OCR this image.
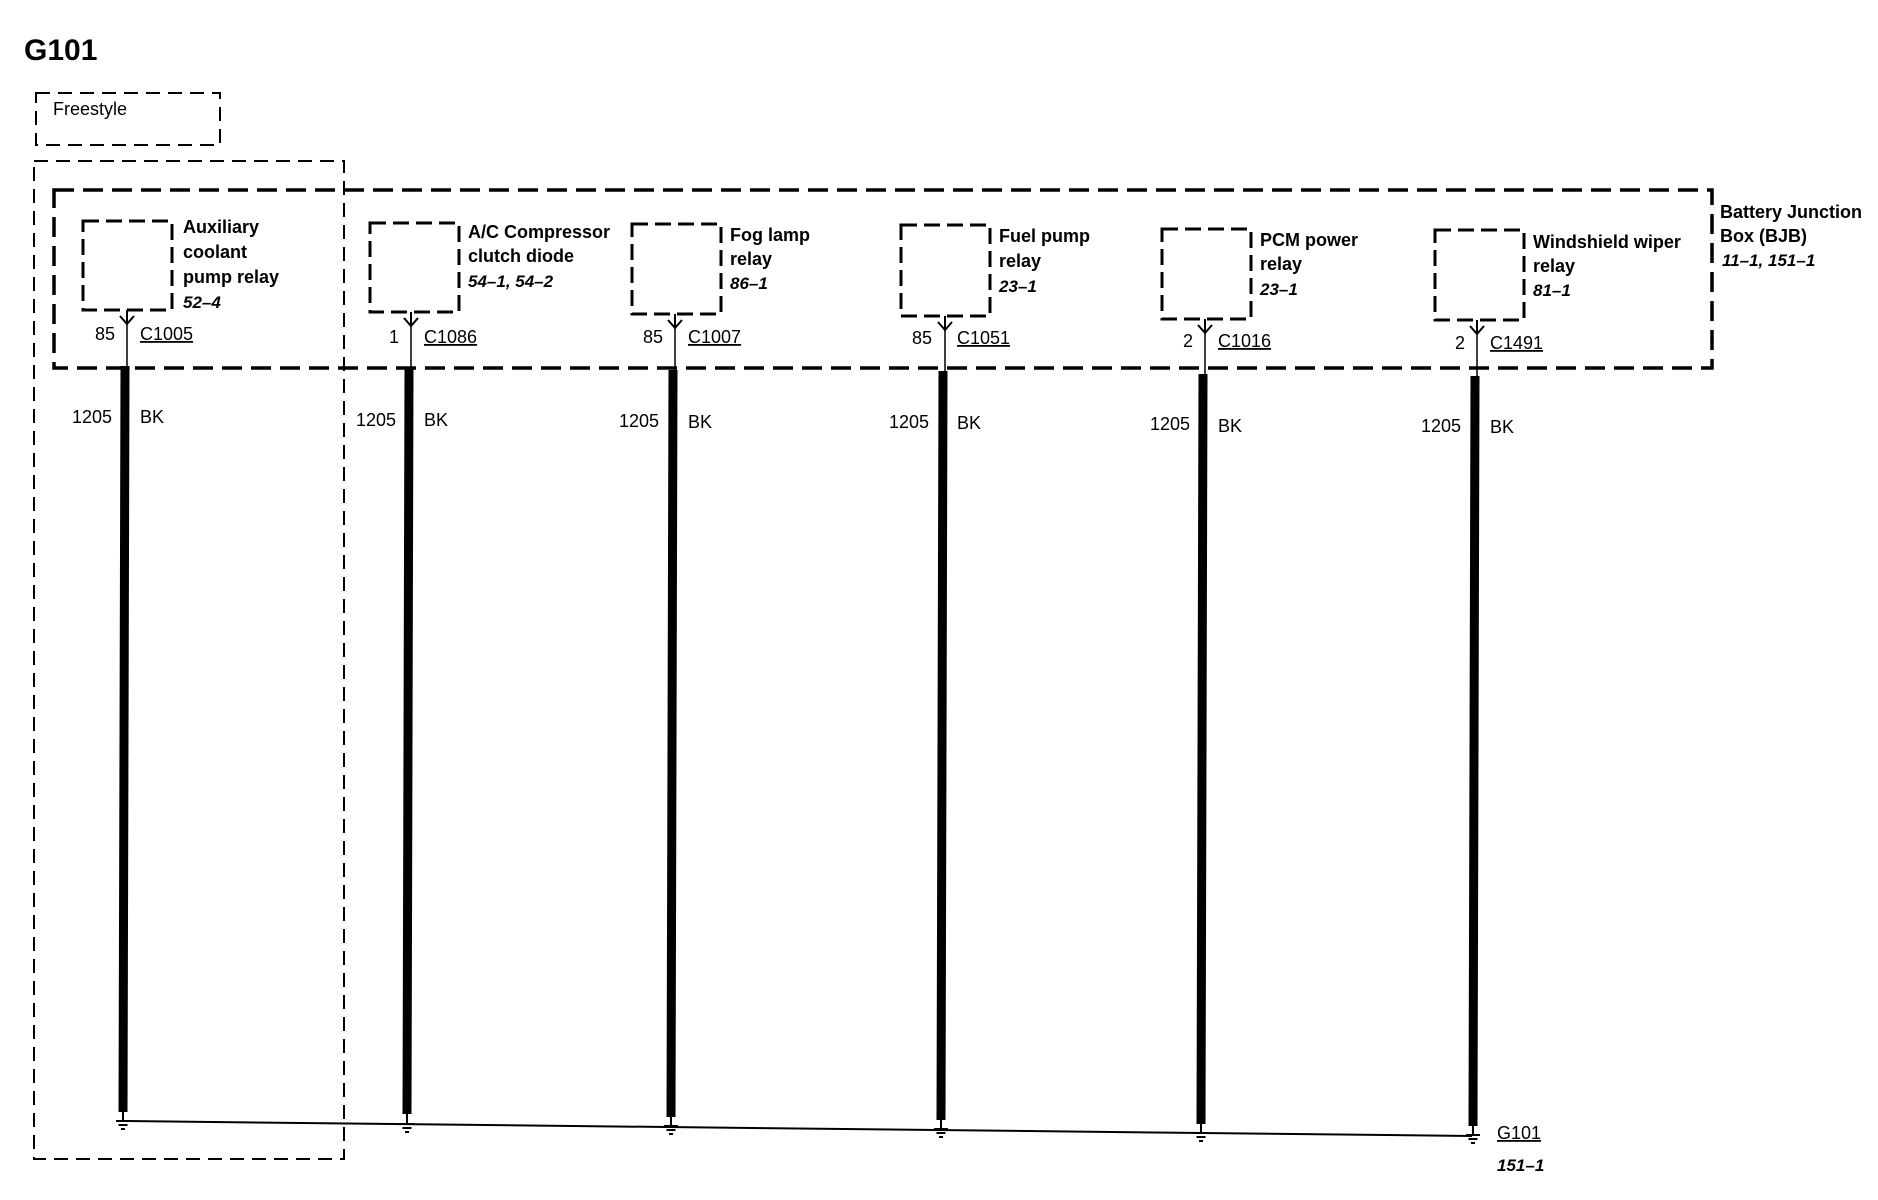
G101
Freestyle
Battery Junction
Box (BJB)
11–1, 151–1
Auxiliary
coolant
pump relay
52–4
85 C1005
1205 BK
A/C Compressor
clutch diode
54–1, 54–2
1 C1086
1205 BK
Fog lamp
relay
86–1
85 C1007
1205 BK
Fuel pump
relay
23–1
85 C1051
1205 BK
PCM power
relay
23–1
2 C1016
1205 BK
Windshield wiper
relay
81–1
2 C1491
1205 BK
G101
151–1
